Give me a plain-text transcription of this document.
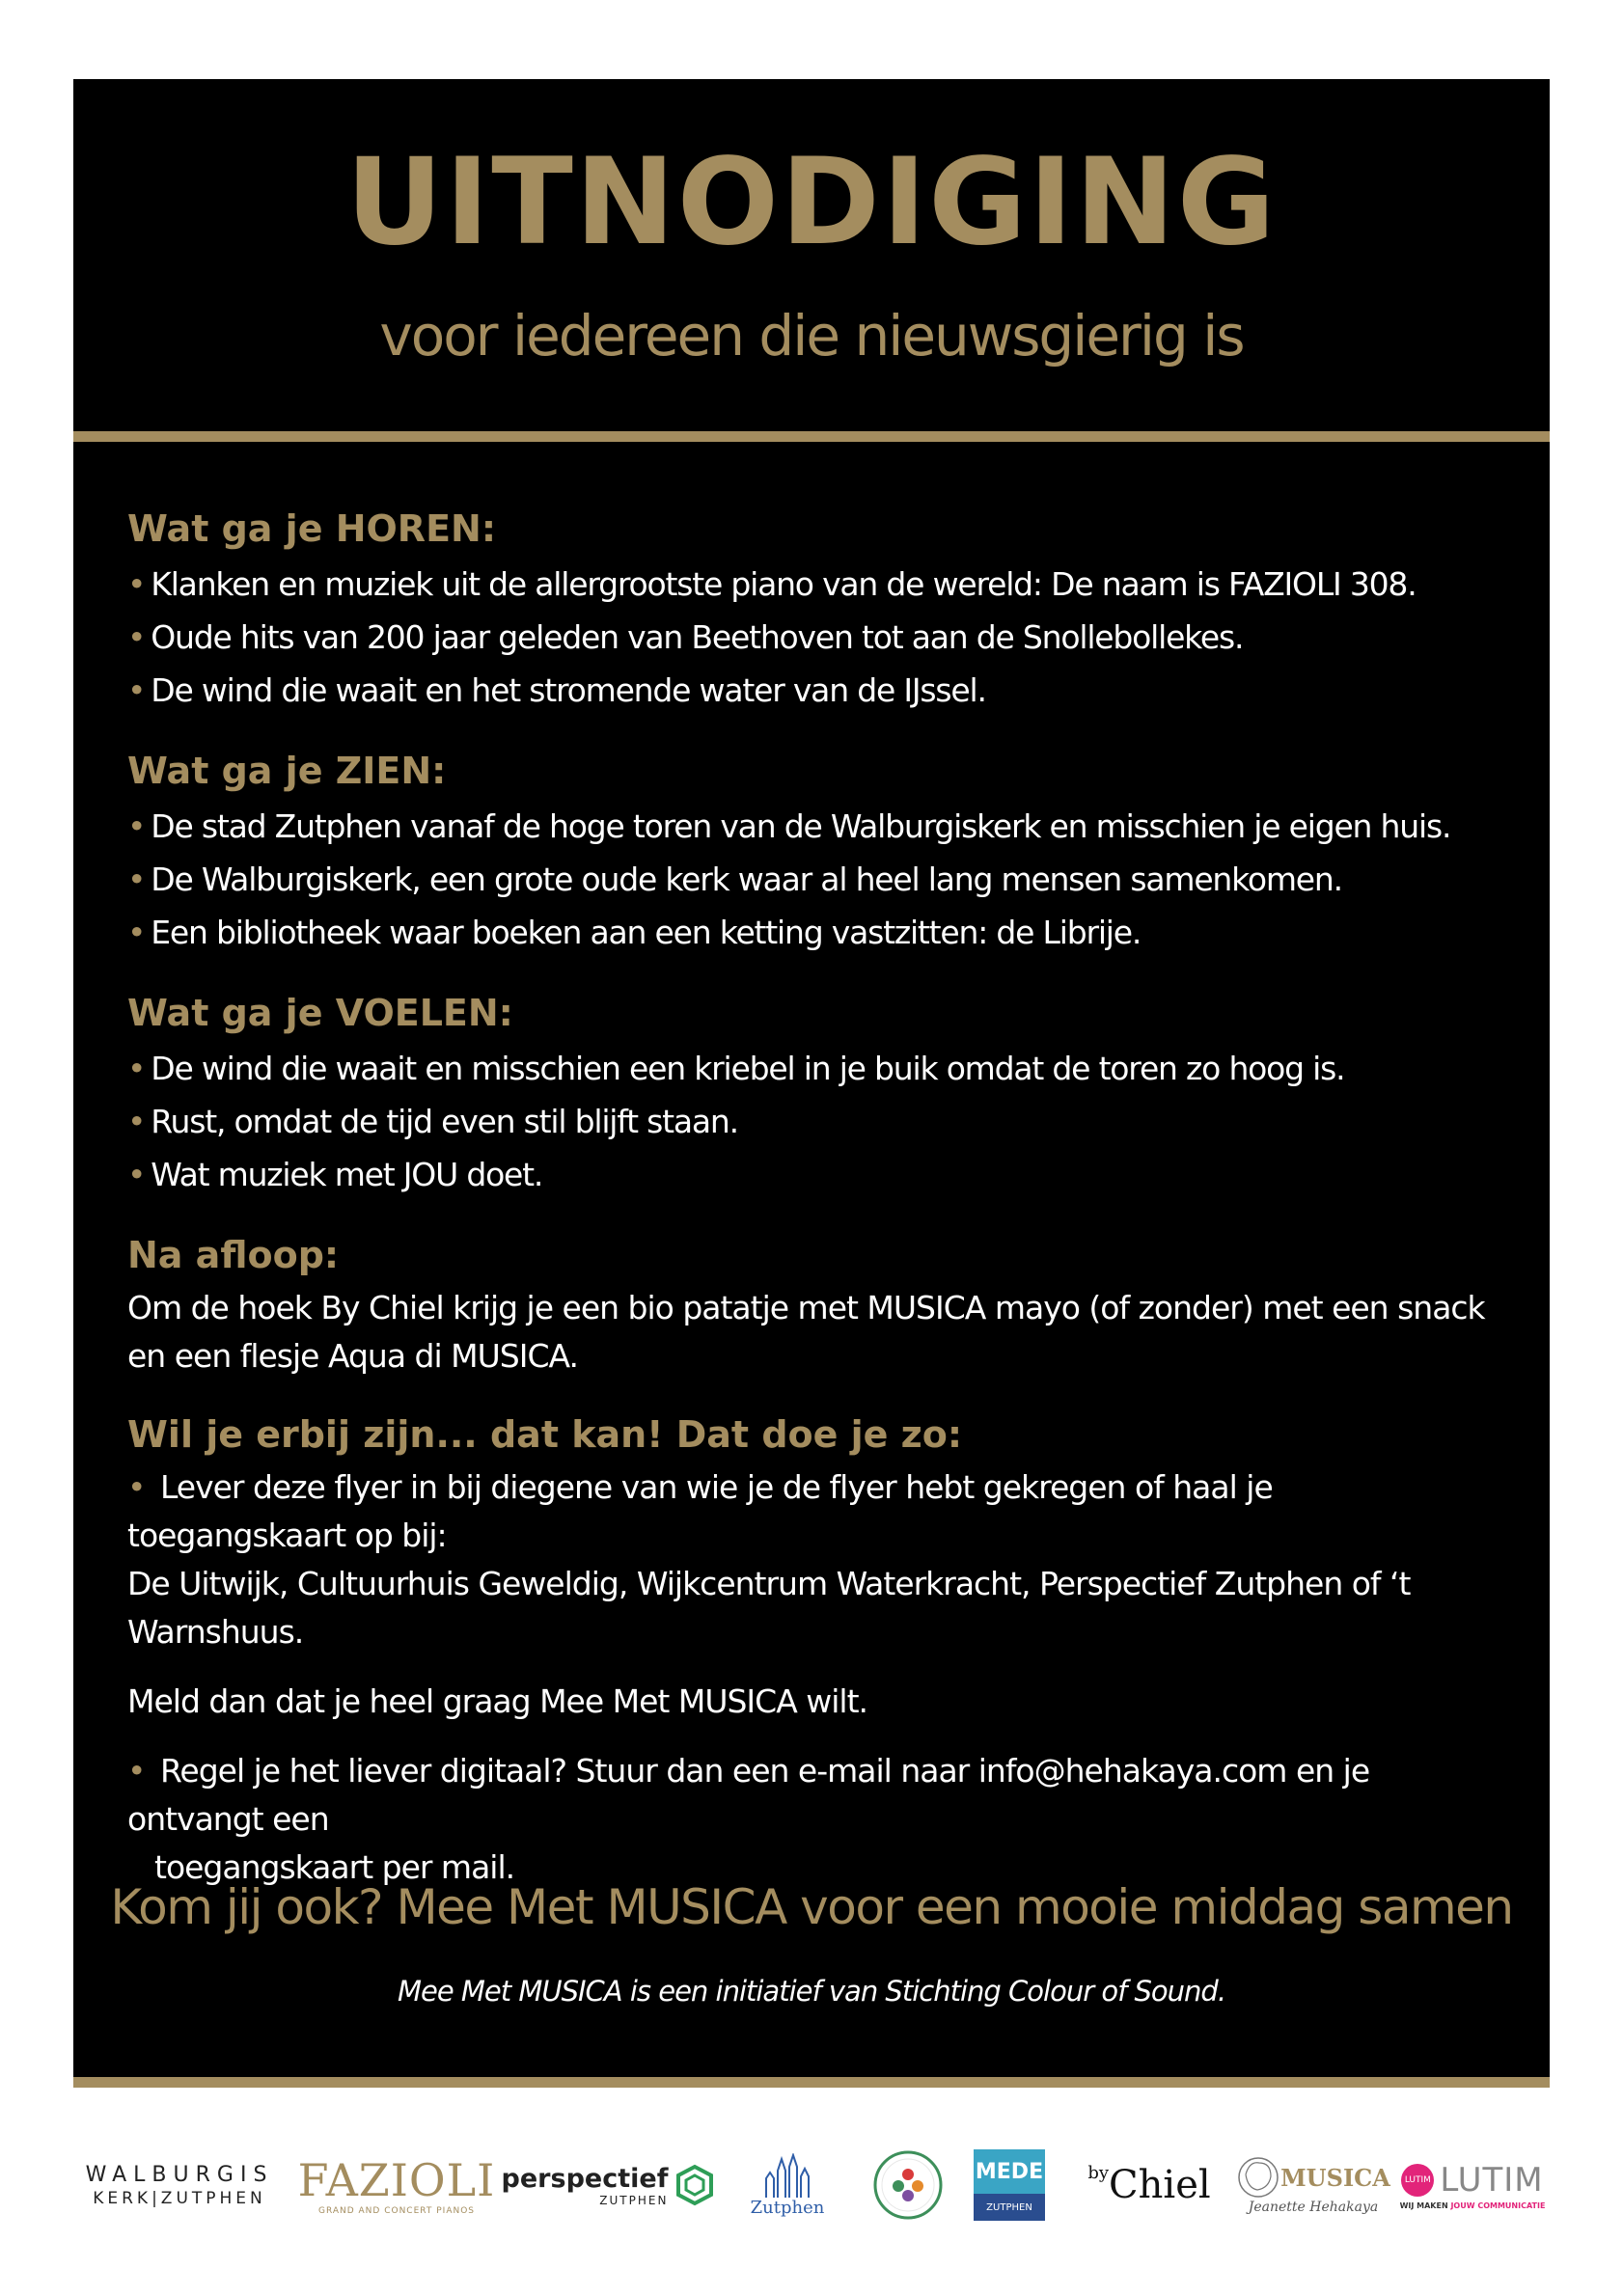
UITNODIGING
voor iedereen die nieuwsgierig is
Wat ga je HOREN:
• Klanken en muziek uit de allergrootste piano van de wereld: De naam is FAZIOLI 308.
• Oude hits van 200 jaar geleden van Beethoven tot aan de Snollebollekes.
• De wind die waait en het stromende water van de IJssel.
Wat ga je ZIEN:
• De stad Zutphen vanaf de hoge toren van de Walburgiskerk en misschien je eigen huis.
• De Walburgiskerk, een grote oude kerk waar al heel lang mensen samenkomen.
• Een bibliotheek waar boeken aan een ketting vastzitten: de Librije.
Wat ga je VOELEN:
• De wind die waait en misschien een kriebel in je buik omdat de toren zo hoog is.
• Rust, omdat de tijd even stil blijft staan.
• Wat muziek met JOU doet.
Na afloop:

Om de hoek By Chiel krijg je een bio patatje met MUSICA mayo (of zonder) met een snack en een flesje Aqua di MUSICA.

Wil je erbij zijn... dat kan! Dat doe je zo:

• Lever deze flyer in bij diegene van wie je de flyer hebt gekregen of haal je toegangskaart op bij:

De Uitwijk, Cultuurhuis Geweldig, Wijkcentrum Waterkracht, Perspectief Zutphen of ‘t Warnshuus.

Meld dan dat je heel graag Mee Met MUSICA wilt.

• Regel je het liever digitaal? Stuur dan een e-mail naar info@hehakaya.com en je ontvangt een

toegangskaart per mail.

Kom jij ook? Mee Met MUSICA voor een mooie middag samen

Mee Met MUSICA is een initiatief van Stichting Colour of Sound.

WALBURGIS
KERK|ZUTPHEN FAZIOLI
GRAND AND CONCERT PIANOS
perspectief
ZUTPHEN	Zutphen
MEDE
ZUTPHEN
$^{by}$Chiel	MUSICA
Jeanette Hehakaya
LUTIM LUTIM
WIJ MAKEN JOUW COMMUNICATIE
